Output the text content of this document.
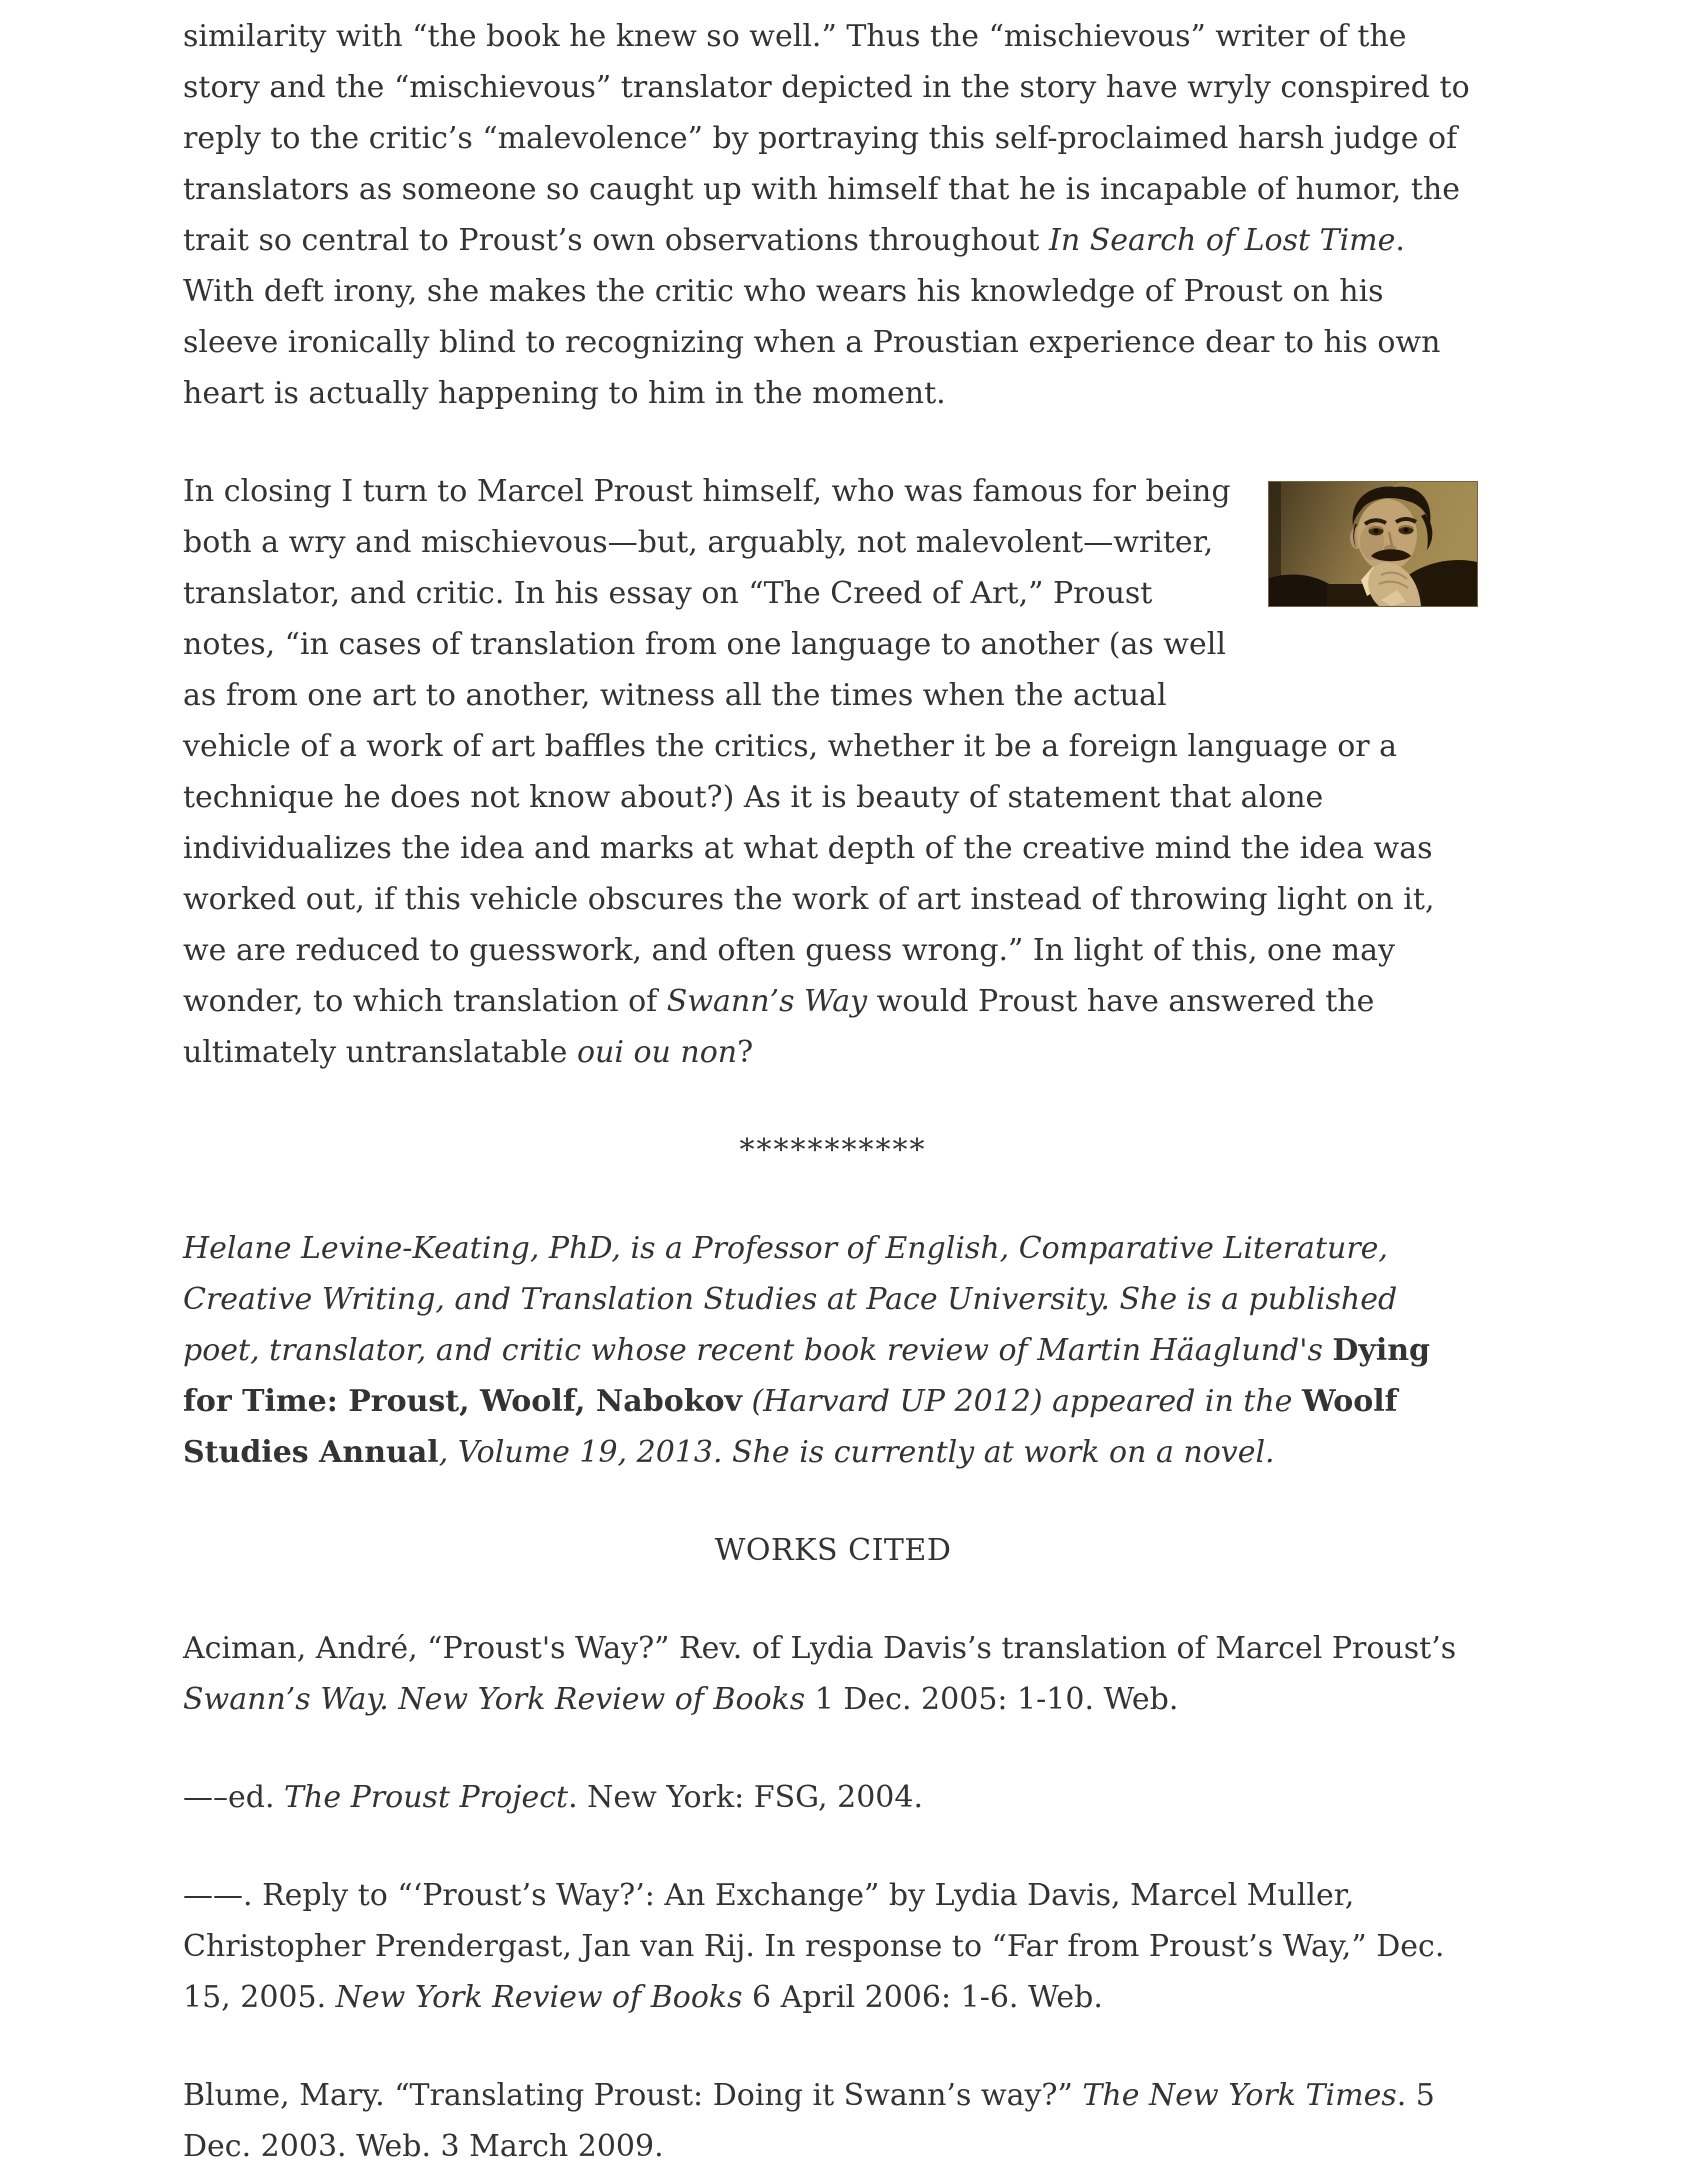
similarity with “the book he knew so well.” Thus the “mischievous” writer of the story and the “mischievous” translator depicted in the story have wryly conspired to reply to the critic’s “malevolence” by portraying this self-proclaimed harsh judge of translators as someone so caught up with himself that he is incapable of humor, the trait so central to Proust’s own observations throughout In Search of Lost Time. With deft irony, she makes the critic who wears his knowledge of Proust on his sleeve ironically blind to recognizing when a Proustian experience dear to his own heart is actually happening to him in the moment.

In closing I turn to Marcel Proust himself, who was famous for being both a wry and mischievous—but, arguably, not malevolent—writer, translator, and critic. In his essay on “The Creed of Art,” Proust notes, “in cases of translation from one language to another (as well as from one art to another, witness all the times when the actual vehicle of a work of art baffles the critics, whether it be a foreign language or a technique he does not know about?) As it is beauty of statement that alone individualizes the idea and marks at what depth of the creative mind the idea was worked out, if this vehicle obscures the work of art instead of throwing light on it, we are reduced to guesswork, and often guess wrong.” In light of this, one may wonder, to which translation of Swann’s Way would Proust have answered the ultimately untranslatable oui ou non?

***********

Helane Levine-Keating, PhD, is a Professor of English, Comparative Literature, Creative Writing, and Translation Studies at Pace University. She is a published poet, translator, and critic whose recent book review of Martin Häaglund's Dying for Time: Proust, Woolf, Nabokov (Harvard UP 2012) appeared in the Woolf Studies Annual, Volume 19, 2013. She is currently at work on a novel.

WORKS CITED

Aciman, André, “Proust's Way?” Rev. of Lydia Davis’s translation of Marcel Proust’s Swann’s Way. New York Review of Books 1 Dec. 2005: 1-10. Web.

—–ed. The Proust Project. New York: FSG, 2004.

——. Reply to “‘Proust’s Way?’: An Exchange” by Lydia Davis, Marcel Muller, Christopher Prendergast, Jan van Rij. In response to “Far from Proust’s Way,” Dec. 15, 2005. New York Review of Books 6 April 2006: 1-6. Web.

Blume, Mary. “Translating Proust: Doing it Swann’s way?” The New York Times. 5 Dec. 2003. Web. 3 March 2009.
